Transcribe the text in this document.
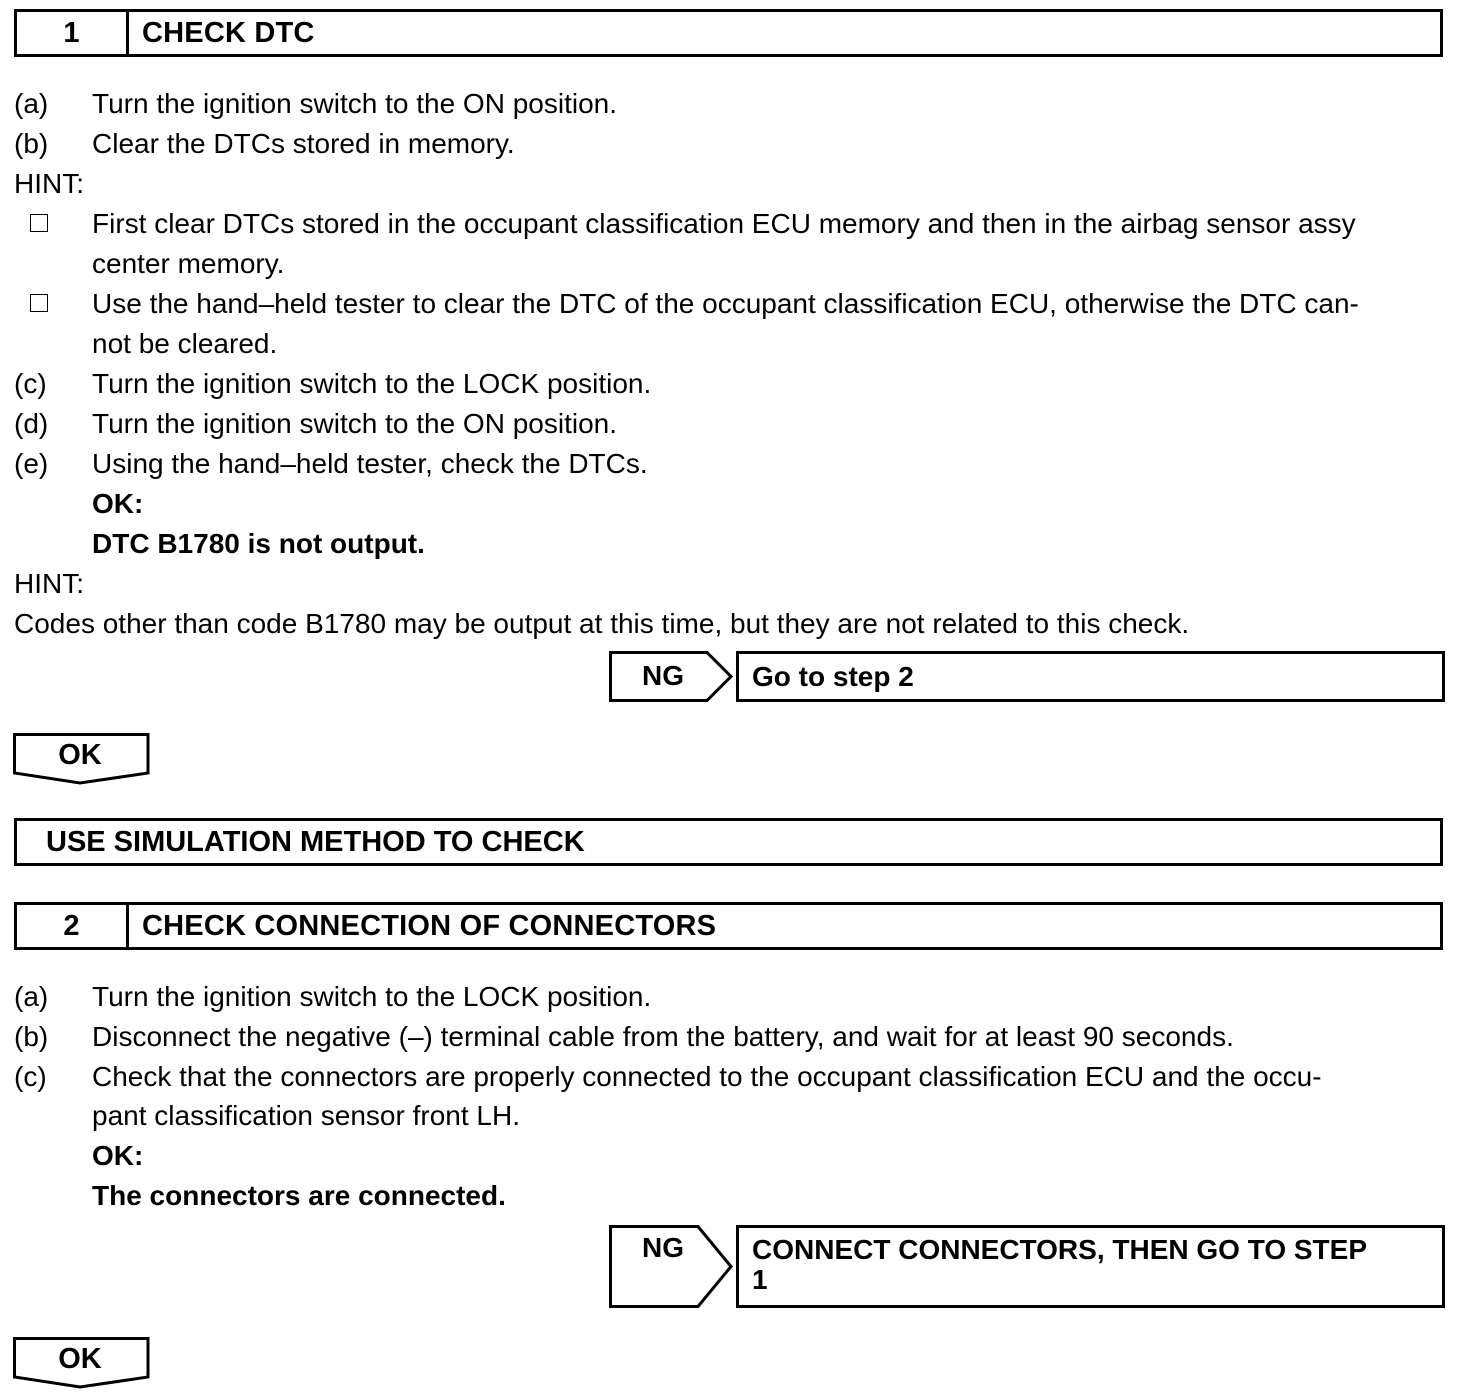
1	CHECK DTC
(a) Turn the ignition switch to the ON position.
(b) Clear the DTCs stored in memory.
HINT:
First clear DTCs stored in the occupant classification ECU memory and then in the airbag sensor assy
center memory.
Use the hand–held tester to clear the DTC of the occupant classification ECU, otherwise the DTC can-
not be cleared.
(c) Turn the ignition switch to the LOCK position.
(d) Turn the ignition switch to the ON position.
(e) Using the hand–held tester, check the DTCs.
OK:
DTC B1780 is not output.
HINT:
Codes other than code B1780 may be output at this time, but they are not related to this check.
NG	Go to step 2
OK
USE SIMULATION METHOD TO CHECK
2	CHECK CONNECTION OF CONNECTORS
(a) Turn the ignition switch to the LOCK position.
(b) Disconnect the negative (–) terminal cable from the battery, and wait for at least 90 seconds.
(c) Check that the connectors are properly connected to the occupant classification ECU and the occu-
pant classification sensor front LH.
OK:
The connectors are connected.
NG	CONNECT CONNECTORS, THEN GO TO STEP
1
OK
